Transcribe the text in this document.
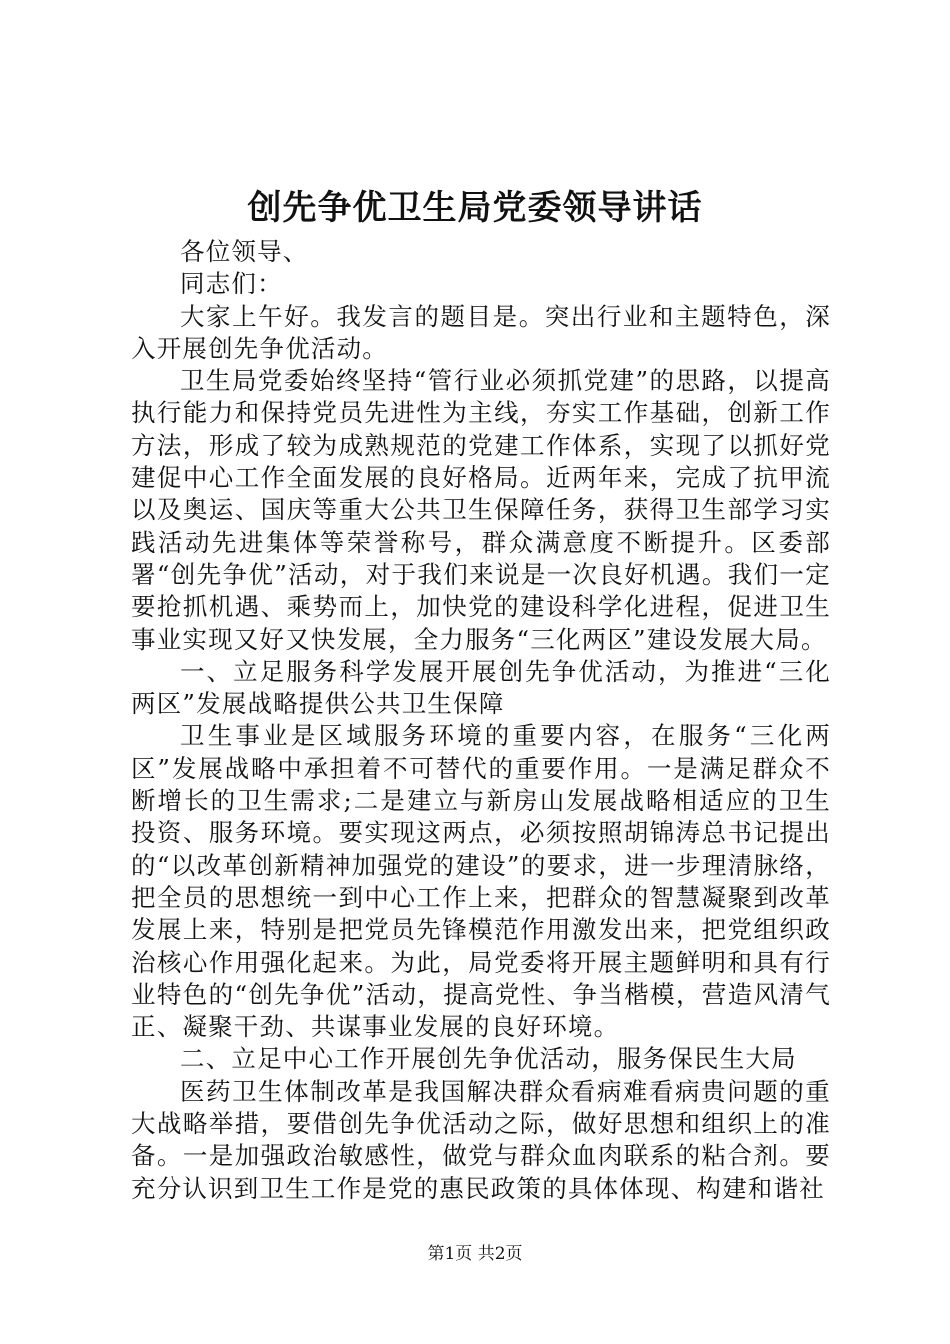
创先争优卫生局党委领导讲话

各位领导、

同志们：

大家上午好。我发言的题目是。突出行业和主题特色，深入开展创先争优活动。

卫生局党委始终坚持“管行业必须抓党建”的思路，以提高执行能力和保持党员先进性为主线，夯实工作基础，创新工作方法，形成了较为成熟规范的党建工作体系，实现了以抓好党建促中心工作全面发展的良好格局。近两年来，完成了抗甲流以及奥运、国庆等重大公共卫生保障任务，获得卫生部学习实践活动先进集体等荣誉称号，群众满意度不断提升。区委部署“创先争优”活动，对于我们来说是一次良好机遇。我们一定要抢抓机遇、乘势而上，加快党的建设科学化进程，促进卫生事业实现又好又快发展，全力服务“三化两区”建设发展大局。

一、立足服务科学发展开展创先争优活动，为推进“三化两区”发展战略提供公共卫生保障

卫生事业是区域服务环境的重要内容，在服务“三化两区”发展战略中承担着不可替代的重要作用。一是满足群众不断增长的卫生需求;二是建立与新房山发展战略相适应的卫生投资、服务环境。要实现这两点，必须按照胡锦涛总书记提出的“以改革创新精神加强党的建设”的要求，进一步理清脉络，把全员的思想统一到中心工作上来，把群众的智慧凝聚到改革发展上来，特别是把党员先锋模范作用激发出来，把党组织政治核心作用强化起来。为此，局党委将开展主题鲜明和具有行业特色的“创先争优”活动，提高党性、争当楷模，营造风清气正、凝聚干劲、共谋事业发展的良好环境。

二、立足中心工作开展创先争优活动，服务保民生大局

医药卫生体制改革是我国解决群众看病难看病贵问题的重大战略举措，要借创先争优活动之际，做好思想和组织上的准备。一是加强政治敏感性，做党与群众血肉联系的粘合剂。要充分认识到卫生工作是党的惠民政策的具体体现、构建和谐社

第1页 共2页
